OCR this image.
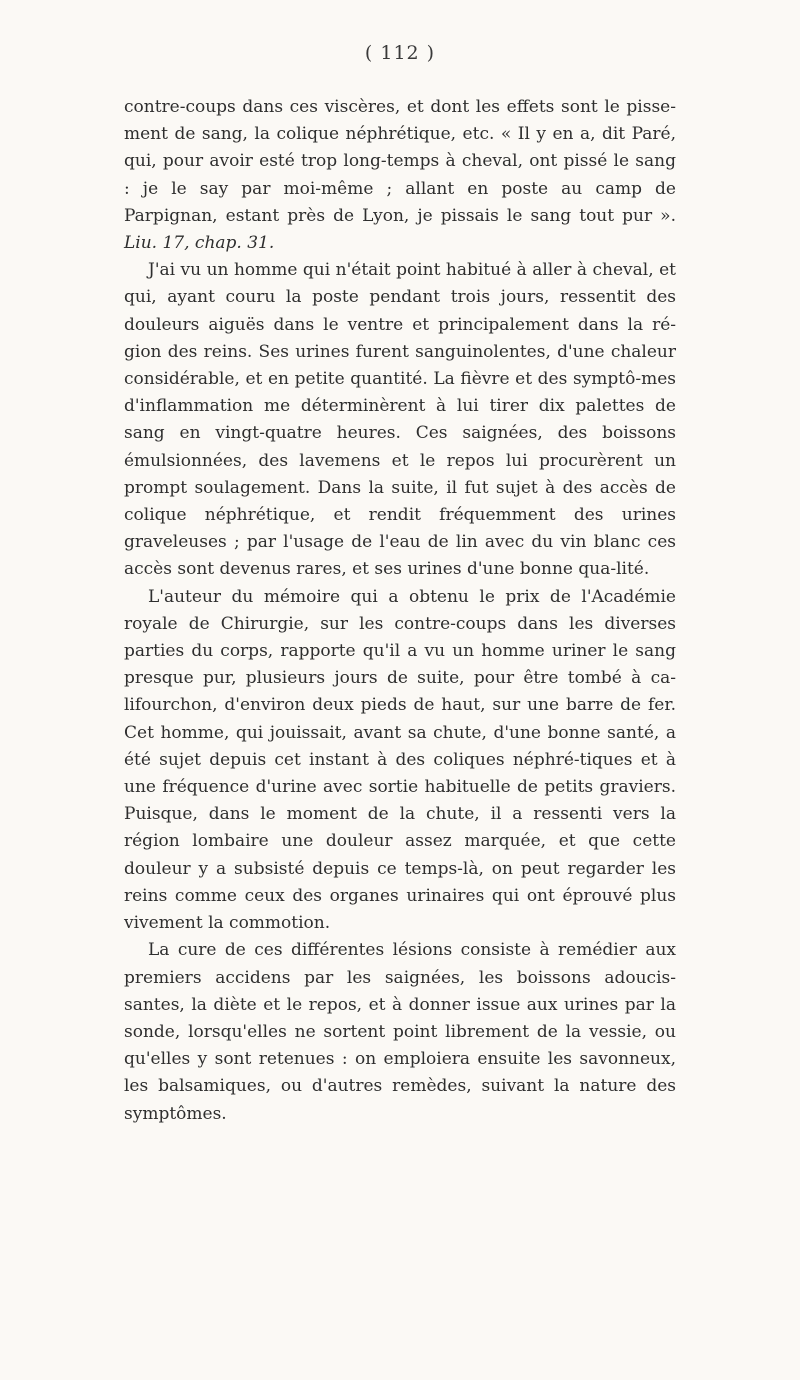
( 112 )

contre-coups dans ces viscères, et dont les effets sont le pisse-ment de sang, la colique néphrétique, etc. « Il y en a, dit Paré, qui, pour avoir esté trop long-temps à cheval, ont pissé le sang : je le say par moi-même ; allant en poste au camp de Parpignan, estant près de Lyon, je pissais le sang tout pur ». Liu. 17, chap. 31.

J'ai vu un homme qui n'était point habitué à aller à cheval, et qui, ayant couru la poste pendant trois jours, ressentit des douleurs aiguës dans le ventre et principalement dans la ré-gion des reins. Ses urines furent sanguinolentes, d'une chaleur considérable, et en petite quantité. La fièvre et des symptô-mes d'inflammation me déterminèrent à lui tirer dix palettes de sang en vingt-quatre heures. Ces saignées, des boissons émulsionnées, des lavemens et le repos lui procurèrent un prompt soulagement. Dans la suite, il fut sujet à des accès de colique néphrétique, et rendit fréquemment des urines graveleuses ; par l'usage de l'eau de lin avec du vin blanc ces accès sont devenus rares, et ses urines d'une bonne qua-lité.

L'auteur du mémoire qui a obtenu le prix de l'Académie royale de Chirurgie, sur les contre-coups dans les diverses parties du corps, rapporte qu'il a vu un homme uriner le sang presque pur, plusieurs jours de suite, pour être tombé à ca-lifourchon, d'environ deux pieds de haut, sur une barre de fer. Cet homme, qui jouissait, avant sa chute, d'une bonne santé, a été sujet depuis cet instant à des coliques néphré-tiques et à une fréquence d'urine avec sortie habituelle de petits graviers. Puisque, dans le moment de la chute, il a ressenti vers la région lombaire une douleur assez marquée, et que cette douleur y a subsisté depuis ce temps-là, on peut regarder les reins comme ceux des organes urinaires qui ont éprouvé plus vivement la commotion.

La cure de ces différentes lésions consiste à remédier aux premiers accidens par les saignées, les boissons adoucis-santes, la diète et le repos, et à donner issue aux urines par la sonde, lorsqu'elles ne sortent point librement de la vessie, ou qu'elles y sont retenues : on emploiera ensuite les savonneux, les balsamiques, ou d'autres remèdes, suivant la nature des symptômes.
